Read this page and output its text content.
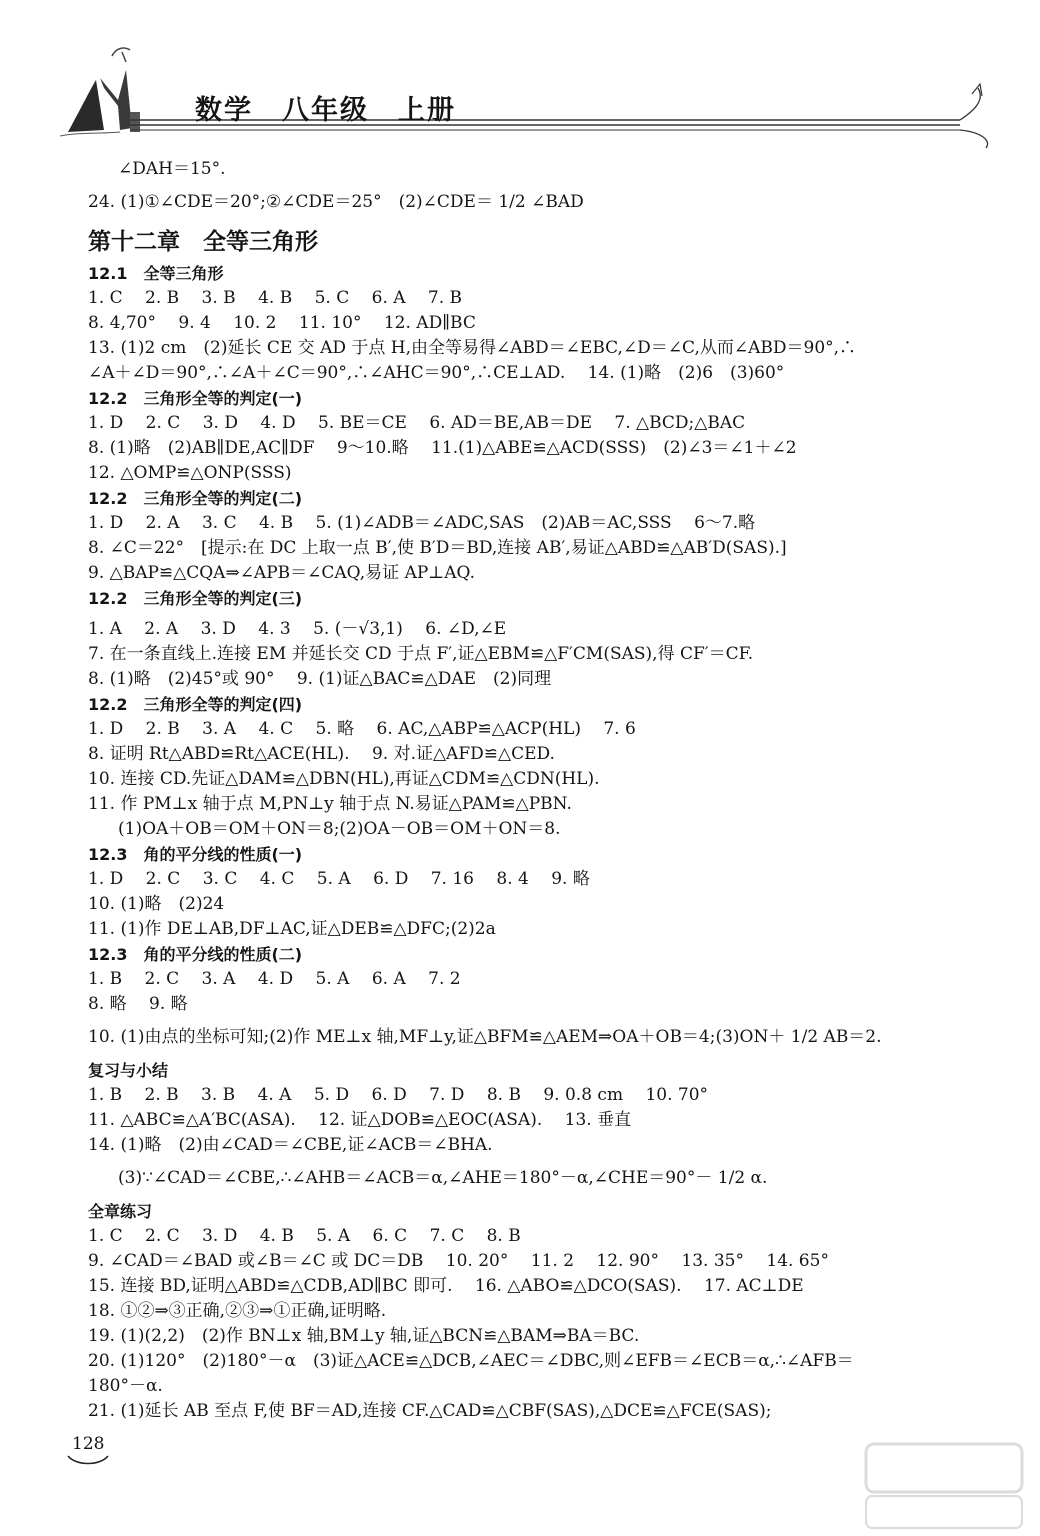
数学　八年级　上册
∠DAH＝15°.
24. (1)①∠CDE＝20°;②∠CDE＝25°　(2)∠CDE＝ 1/2 ∠BAD
第十二章　全等三角形
12.1　全等三角形
1. C　 2. B　 3. B　 4. B　 5. C　 6. A　 7. B
8. 4,70°　 9. 4　 10. 2　 11. 10°　 12. AD∥BC
13. (1)2 cm　(2)延长 CE 交 AD 于点 H,由全等易得∠ABD＝∠EBC,∠D＝∠C,从而∠ABD＝90°,∴
∠A＋∠D＝90°,∴∠A＋∠C＝90°,∴∠AHC＝90°,∴CE⊥AD.　 14. (1)略　(2)6　(3)60°
12.2　三角形全等的判定(一)
1. D　 2. C　 3. D　 4. D　 5. BE＝CE　 6. AD＝BE,AB＝DE　 7. △BCD;△BAC
8. (1)略　(2)AB∥DE,AC∥DF　 9～10.略　 11.(1)△ABE≌△ACD(SSS)　(2)∠3＝∠1＋∠2
12. △OMP≌△ONP(SSS)
12.2　三角形全等的判定(二)
1. D　 2. A　 3. C　 4. B　 5. (1)∠ADB＝∠ADC,SAS　(2)AB＝AC,SSS　 6～7.略
8. ∠C＝22°　[提示:在 DC 上取一点 B′,使 B′D＝BD,连接 AB′,易证△ABD≌△AB′D(SAS).]
9. △BAP≌△CQA⇒∠APB＝∠CAQ,易证 AP⊥AQ.
12.2　三角形全等的判定(三)
1. A　 2. A　 3. D　 4. 3　 5. (－√3,1)　 6. ∠D,∠E
7. 在一条直线上.连接 EM 并延长交 CD 于点 F′,证△EBM≌△F′CM(SAS),得 CF′＝CF.
8. (1)略　(2)45°或 90°　 9. (1)证△BAC≌△DAE　(2)同理
12.2　三角形全等的判定(四)
1. D　 2. B　 3. A　 4. C　 5. 略　 6. AC,△ABP≌△ACP(HL)　 7. 6
8. 证明 Rt△ABD≌Rt△ACE(HL).　 9. 对.证△AFD≌△CED.
10. 连接 CD.先证△DAM≌△DBN(HL),再证△CDM≌△CDN(HL).
11. 作 PM⊥x 轴于点 M,PN⊥y 轴于点 N.易证△PAM≌△PBN.
(1)OA＋OB＝OM＋ON＝8;(2)OA－OB＝OM＋ON＝8.
12.3　角的平分线的性质(一)
1. D　 2. C　 3. C　 4. C　 5. A　 6. D　 7. 16　 8. 4　 9. 略
10. (1)略　(2)24
11. (1)作 DE⊥AB,DF⊥AC,证△DEB≌△DFC;(2)2a
12.3　角的平分线的性质(二)
1. B　 2. C　 3. A　 4. D　 5. A　 6. A　 7. 2
8. 略　 9. 略
10. (1)由点的坐标可知;(2)作 ME⊥x 轴,MF⊥y,证△BFM≌△AEM⇒OA＋OB＝4;(3)ON＋ 1/2 AB＝2.
复习与小结
1. B　 2. B　 3. B　 4. A　 5. D　 6. D　 7. D　 8. B　 9. 0.8 cm　 10. 70°
11. △ABC≌△A′BC(ASA).　 12. 证△DOB≌△EOC(ASA).　 13. 垂直
14. (1)略　(2)由∠CAD＝∠CBE,证∠ACB＝∠BHA.
(3)∵∠CAD＝∠CBE,∴∠AHB＝∠ACB＝α,∠AHE＝180°－α,∠CHE＝90°－ 1/2 α.
全章练习
1. C　 2. C　 3. D　 4. B　 5. A　 6. C　 7. C　 8. B
9. ∠CAD＝∠BAD 或∠B＝∠C 或 DC＝DB　 10. 20°　 11. 2　 12. 90°　 13. 35°　 14. 65°
15. 连接 BD,证明△ABD≌△CDB,AD∥BC 即可.　 16. △ABO≌△DCO(SAS).　 17. AC⊥DE
18. ①②⇒③正确,②③⇒①正确,证明略.
19. (1)(2,2)　(2)作 BN⊥x 轴,BM⊥y 轴,证△BCN≌△BAM⇒BA＝BC.
20. (1)120°　(2)180°－α　(3)证△ACE≌△DCB,∠AEC＝∠DBC,则∠EFB＝∠ECB＝α,∴∠AFB＝
180°－α.
21. (1)延长 AB 至点 F,使 BF＝AD,连接 CF.△CAD≌△CBF(SAS),△DCE≌△FCE(SAS);
128
